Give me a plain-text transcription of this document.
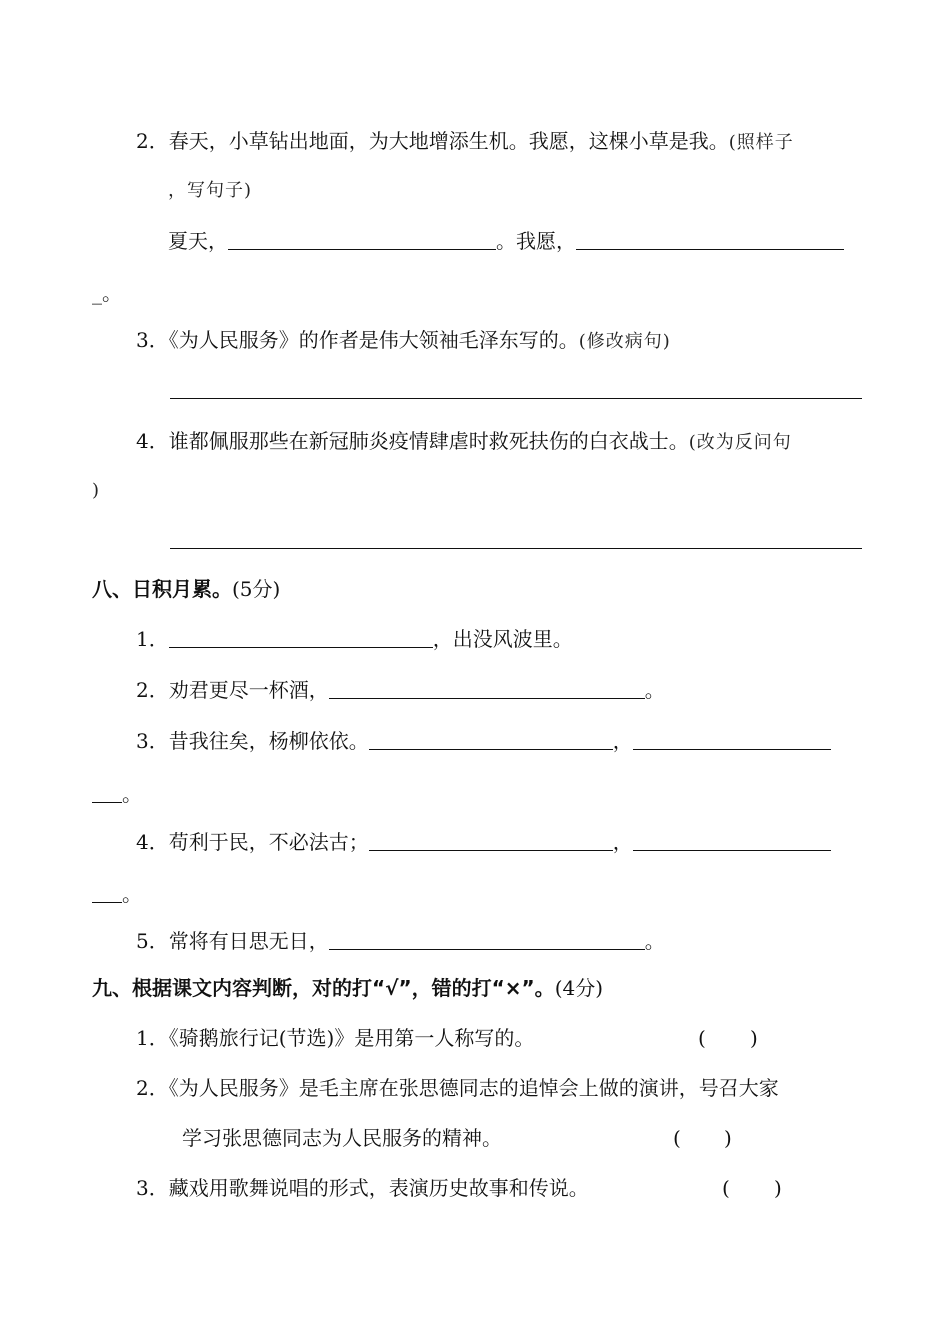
2．春天，小草钻出地面，为大地增添生机。我愿，这棵小草是我。(照样子
，写句子)
夏天，	。我愿，
_。
3．《为人民服务》的作者是伟大领袖毛泽东写的。(修改病句)
4．谁都佩服那些在新冠肺炎疫情肆虐时救死扶伤的白衣战士。(改为反问句
)
八、日积月累。(5分)
1．	，出没风波里。
2．劝君更尽一杯酒，	。
3．昔我往矣，杨柳依依。	，
。
4．苟利于民，不必法古；	，
。
5．常将有日思无日，	。
九、根据课文内容判断，对的打“√”，错的打“×”。(4分)
1．《骑鹅旅行记(节选)》是用第一人称写的。	( )
2．《为人民服务》是毛主席在张思德同志的追悼会上做的演讲，号召大家
学习张思德同志为人民服务的精神。	( )
3．藏戏用歌舞说唱的形式，表演历史故事和传说。	( )
